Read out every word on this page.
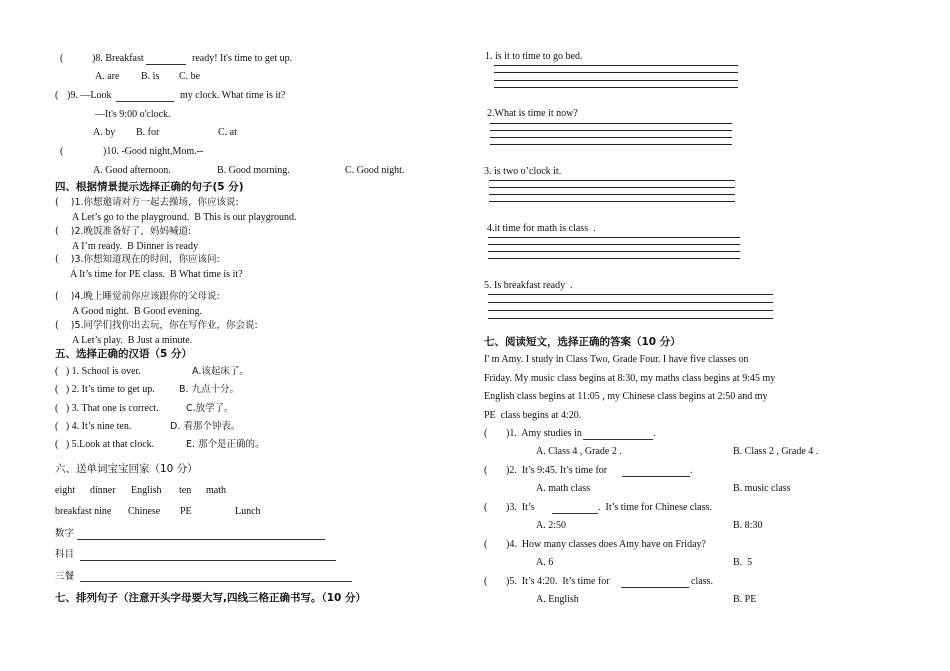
(	)8. Breakfast	ready! It's time to get up.
A. are B. is C. be
( )9. —Look	my clock. What time is it?
—It's 9:00 o'clock.
A. by B. for	C. at
(	)10. -Good night,Mom.--
A. Good afternoon.	B. Good morning.	C. Good night.
四、根据情景提示选择正确的句子(5 分)
(    )1.你想邀请对方一起去操场，你应该说:
A Let’s go to the playground.  B This is our playground.
(    )2.晚饭准备好了，妈妈喊道:
A I’m ready.  B Dinner is ready
(    )3.你想知道现在的时间，你应该问:
A It’s time for PE class.  B What time is it?
(    )4.晚上睡觉前你应该跟你的父母说:
A Good night.  B Good evening.
(    )5.同学们找你出去玩，你在写作业，你会说:
A Let’s play.  B Just a minute.
五、选择正确的汉语（5 分）
(   ) 1. School is over.	A.该起床了。
(   ) 2. It’s time to get up.	B. 九点十分。
(   ) 3. That one is correct.	C.放学了。
(   ) 4. It’s nine ten.	D. 看那个钟表。
(   ) 5.Look at that clock.	E. 那个是正确的。
六、送单词宝宝回家（10 分）
eight dinner English ten math
breakfast nine Chinese PE	Lunch
数字
科目
三餐
七、排列句子（注意开头字母要大写,四线三格正确书写。（10 分）
1. is it to time to go bed.
2.What is time it now?
3. is two o’clock it.
4.it time for math is class  .
5. Is breakfast ready  .
七、阅读短文，选择正确的答案（10 分）
I' m Amy. I study in Class Two, Grade Four. I have five classes on
Friday. My music class begins at 8:30, my maths class begins at 9:45 my
English class begins at 11:05 , my Chinese class begins at 2:50 and my
PE  class begins at 4:20.
( )1.  Amy studies in	.
A. Class 4 , Grade 2 .	B. Class 2 , Grade 4 .
( )2.  It’s 9:45. It’s time for	.
A. math class	B. music class
( )3.  It’s	.  It’s time for Chinese class.
A. 2:50	B. 8:30
( )4.  How many classes does Amy have on Friday?
A. 6	B.  5
( )5.  It’s 4:20.  It’s time for	class.
A. English	B. PE
